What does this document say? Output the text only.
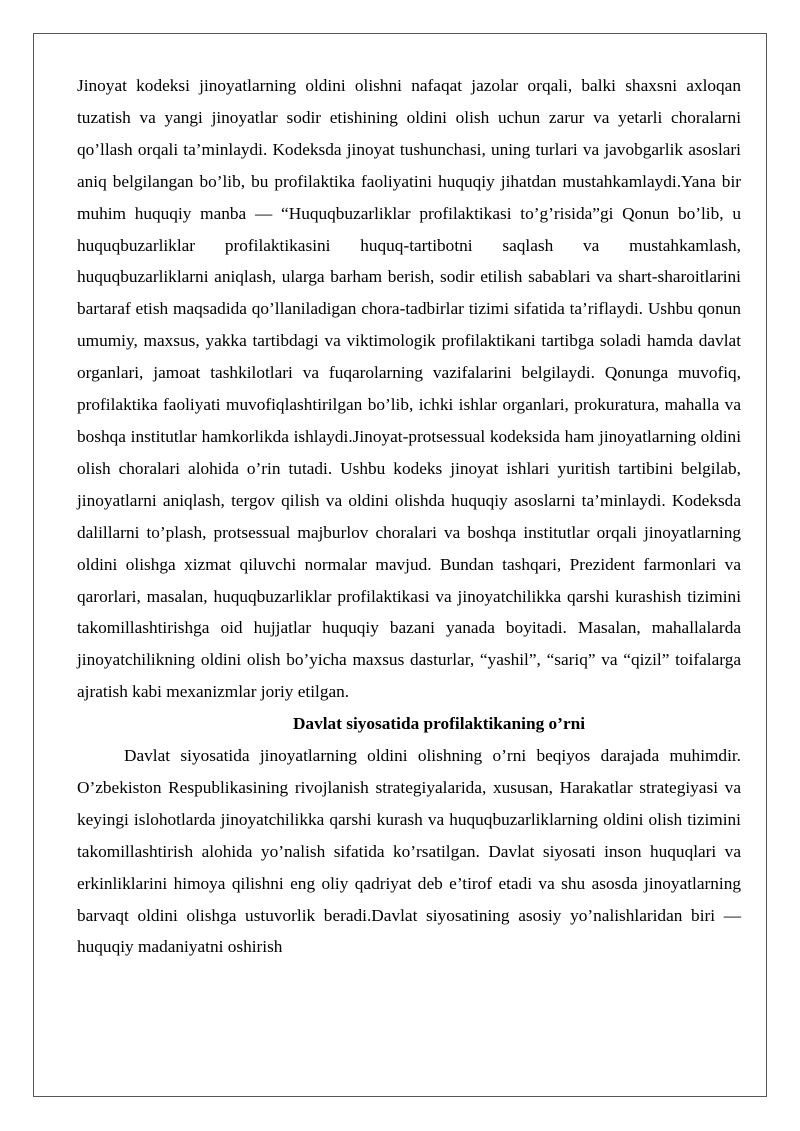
Jinoyat kodeksi jinoyatlarning oldini olishni nafaqat jazolar orqali, balki shaxsni axloqan tuzatish va yangi jinoyatlar sodir etishining oldini olish uchun zarur va yetarli choralarni qo’llash orqali ta’minlaydi. Kodeksda jinoyat tushunchasi, uning turlari va javobgarlik asoslari aniq belgilangan bo’lib, bu profilaktika faoliyatini huquqiy jihatdan mustahkamlaydi.Yana bir muhim huquqiy manba — “Huquqbuzarliklar profilaktikasi to’g’risida”gi Qonun bo’lib, u huquqbuzarliklar profilaktikasini huquq-tartibotni saqlash va mustahkamlash, huquqbuzarliklarni aniqlash, ularga barham berish, sodir etilish sabablari va shart-sharoitlarini bartaraf etish maqsadida qo’llaniladigan chora-tadbirlar tizimi sifatida ta’riflaydi. Ushbu qonun umumiy, maxsus, yakka tartibdagi va viktimologik profilaktikani tartibga soladi hamda davlat organlari, jamoat tashkilotlari va fuqarolarning vazifalarini belgilaydi. Qonunga muvofiq, profilaktika faoliyati muvofiqlashtirilgan bo’lib, ichki ishlar organlari, prokuratura, mahalla va boshqa institutlar hamkorlikda ishlaydi.Jinoyat-protsessual kodeksida ham jinoyatlarning oldini olish choralari alohida o’rin tutadi. Ushbu kodeks jinoyat ishlari yuritish tartibini belgilab, jinoyatlarni aniqlash, tergov qilish va oldini olishda huquqiy asoslarni ta’minlaydi. Kodeksda dalillarni to’plash, protsessual majburlov choralari va boshqa institutlar orqali jinoyatlarning oldini olishga xizmat qiluvchi normalar mavjud. Bundan tashqari, Prezident farmonlari va qarorlari, masalan, huquqbuzarliklar profilaktikasi va jinoyatchilikka qarshi kurashish tizimini takomillashtirishga oid hujjatlar huquqiy bazani yanada boyitadi. Masalan, mahallalarda jinoyatchilikning oldini olish bo’yicha maxsus dasturlar, “yashil”, “sariq” va “qizil” toifalarga ajratish kabi mexanizmlar joriy etilgan.

Davlat siyosatida profilaktikaning o’rni

Davlat siyosatida jinoyatlarning oldini olishning o’rni beqiyos darajada muhimdir. O’zbekiston Respublikasining rivojlanish strategiyalarida, xususan, Harakatlar strategiyasi va keyingi islohotlarda jinoyatchilikka qarshi kurash va huquqbuzarliklarning oldini olish tizimini takomillashtirish alohida yo’nalish sifatida ko’rsatilgan. Davlat siyosati inson huquqlari va erkinliklarini himoya qilishni eng oliy qadriyat deb e’tirof etadi va shu asosda jinoyatlarning barvaqt oldini olishga ustuvorlik beradi.Davlat siyosatining asosiy yo’nalishlaridan biri — huquqiy madaniyatni oshirish
